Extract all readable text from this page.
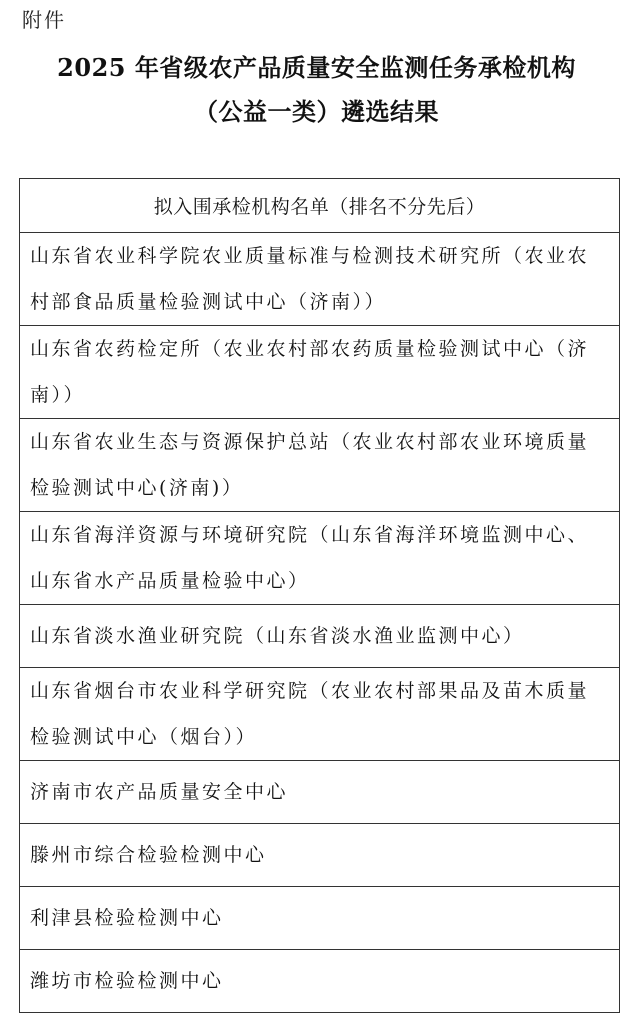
附件
2025 年省级农产品质量安全监测任务承检机构
（公益一类）遴选结果
拟入围承检机构名单（排名不分先后）
山东省农业科学院农业质量标准与检测技术研究所（农业农村部食品质量检验测试中心（济南））
山东省农药检定所（农业农村部农药质量检验测试中心（济南））
山东省农业生态与资源保护总站（农业农村部农业环境质量检验测试中心(济南)）
山东省海洋资源与环境研究院（山东省海洋环境监测中心、山东省水产品质量检验中心）
山东省淡水渔业研究院（山东省淡水渔业监测中心）
山东省烟台市农业科学研究院（农业农村部果品及苗木质量检验测试中心（烟台））
济南市农产品质量安全中心
滕州市综合检验检测中心
利津县检验检测中心
潍坊市检验检测中心
